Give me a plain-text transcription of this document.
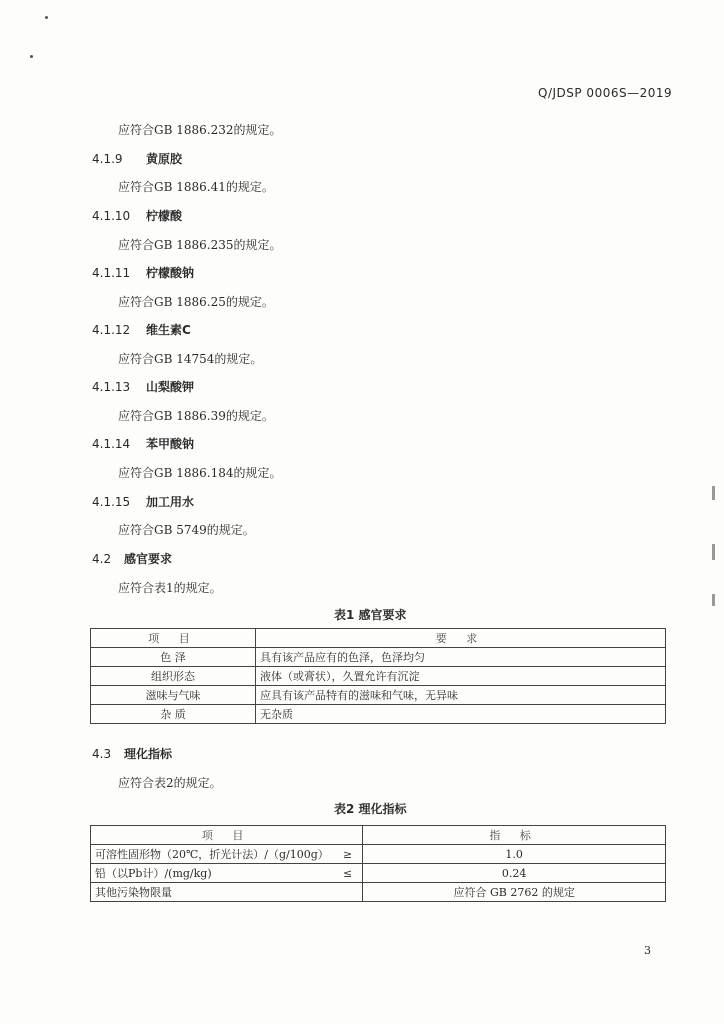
Q/JDSP 0006S—2019
应符合GB 1886.232的规定。
4.1.9 黄原胶
应符合GB 1886.41的规定。
4.1.10 柠檬酸
应符合GB 1886.235的规定。
4.1.11 柠檬酸钠
应符合GB 1886.25的规定。
4.1.12 维生素C
应符合GB 14754的规定。
4.1.13 山梨酸钾
应符合GB 1886.39的规定。
4.1.14 苯甲酸钠
应符合GB 1886.184的规定。
4.1.15 加工用水
应符合GB 5749的规定。
4.2 感官要求
应符合表1的规定。
表1 感官要求
项 目	要 求
色 泽	具有该产品应有的色泽，色泽均匀
组织形态	液体（或膏状），久置允许有沉淀
滋味与气味	应具有该产品特有的滋味和气味，无异味
杂 质	无杂质
4.3 理化指标
应符合表2的规定。
表2 理化指标
项 目		指 标
可溶性固形物（20℃，折光计法）/（g/100g）	≥	1.0
铅（以Pb计）/(mg/kg)	≤	0.24
其他污染物限量		应符合 GB 2762 的规定
3
